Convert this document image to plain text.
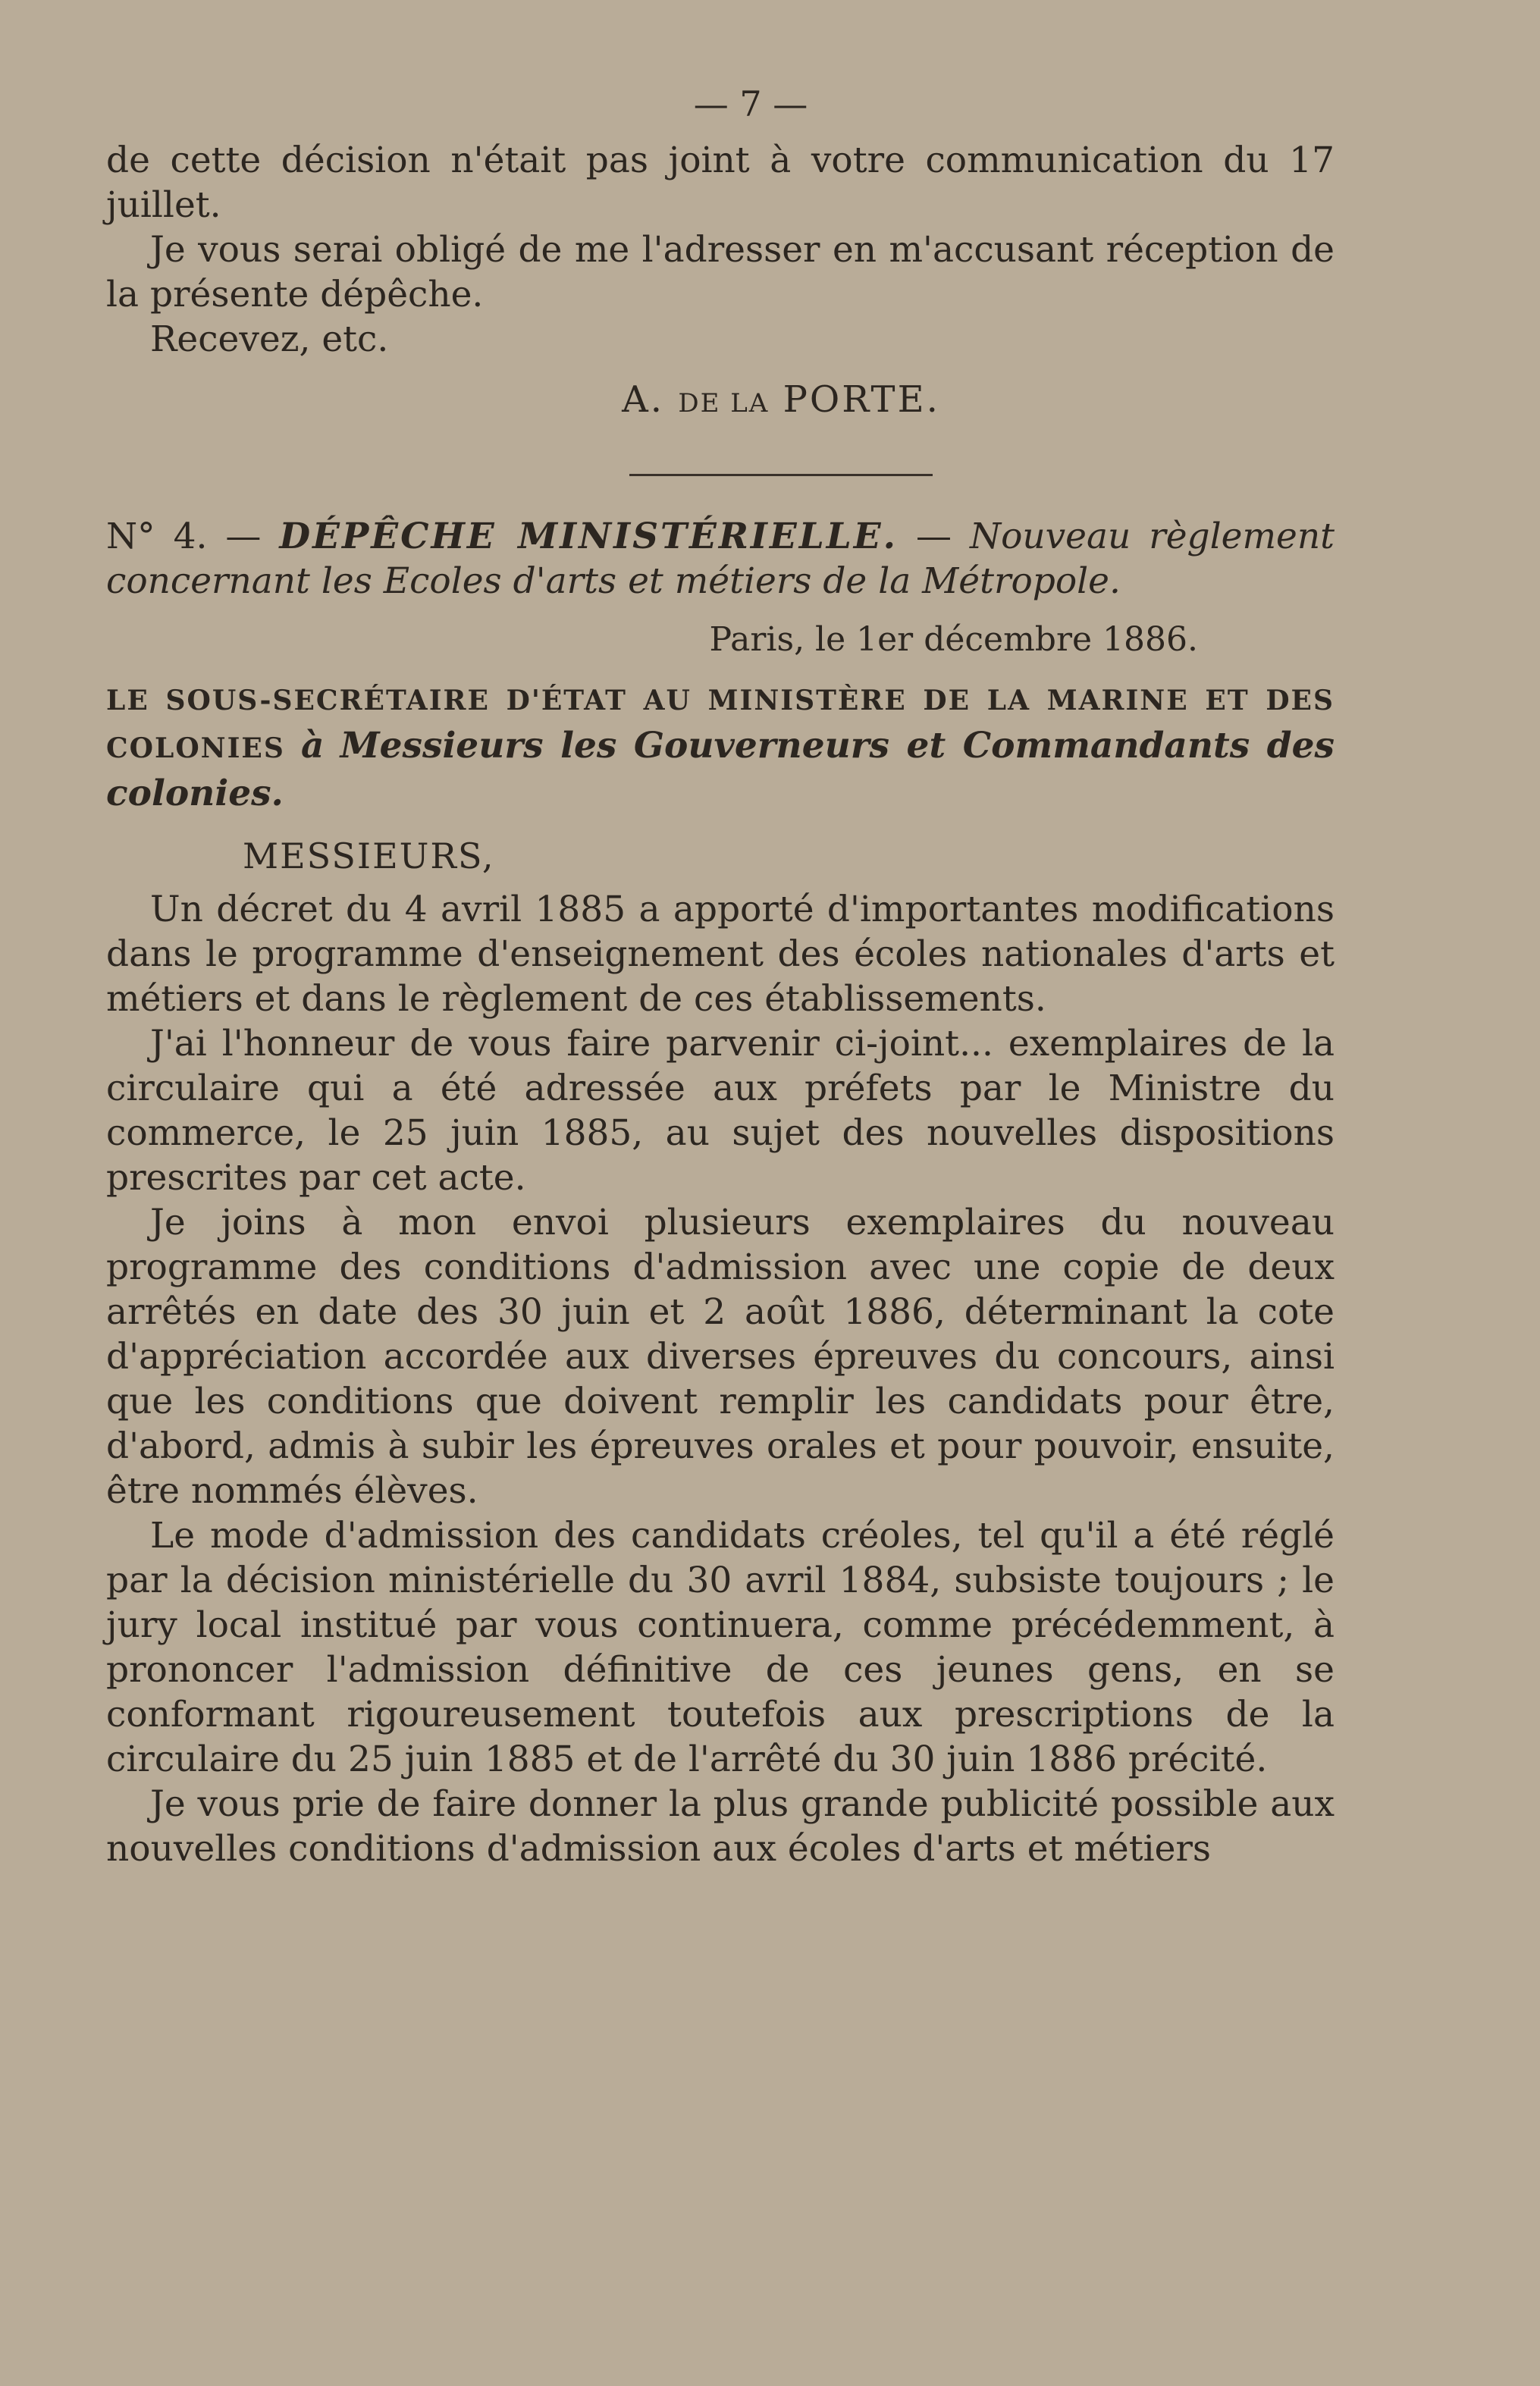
— 7 —

de cette décision n'était pas joint à votre communication du 17 juillet.

Je vous serai obligé de me l'adresser en m'accusant réception de la présente dépêche.

Recevez, etc.

A. DE LA PORTE.

N° 4. — DÉPÊCHE MINISTÉRIELLE. — Nouveau règlement concernant les Ecoles d'arts et métiers de la Métropole.

Paris, le 1er décembre 1886.

LE SOUS-SECRÉTAIRE D'ÉTAT AU MINISTÈRE DE LA MARINE ET DES COLONIES à Messieurs les Gouverneurs et Commandants des colonies.

MESSIEURS,

Un décret du 4 avril 1885 a apporté d'importantes modifications dans le programme d'enseignement des écoles nationales d'arts et métiers et dans le règlement de ces établissements.

J'ai l'honneur de vous faire parvenir ci-joint... exemplaires de la circulaire qui a été adressée aux préfets par le Ministre du commerce, le 25 juin 1885, au sujet des nouvelles dispositions prescrites par cet acte.

Je joins à mon envoi plusieurs exemplaires du nouveau programme des conditions d'admission avec une copie de deux arrêtés en date des 30 juin et 2 août 1886, déterminant la cote d'appréciation accordée aux diverses épreuves du concours, ainsi que les conditions que doivent remplir les candidats pour être, d'abord, admis à subir les épreuves orales et pour pouvoir, ensuite, être nommés élèves.

Le mode d'admission des candidats créoles, tel qu'il a été réglé par la décision ministérielle du 30 avril 1884, subsiste toujours ; le jury local institué par vous continuera, comme précédemment, à prononcer l'admission définitive de ces jeunes gens, en se conformant rigoureusement toutefois aux prescriptions de la circulaire du 25 juin 1885 et de l'arrêté du 30 juin 1886 précité.

Je vous prie de faire donner la plus grande publicité possible aux nouvelles conditions d'admission aux écoles d'arts et métiers
